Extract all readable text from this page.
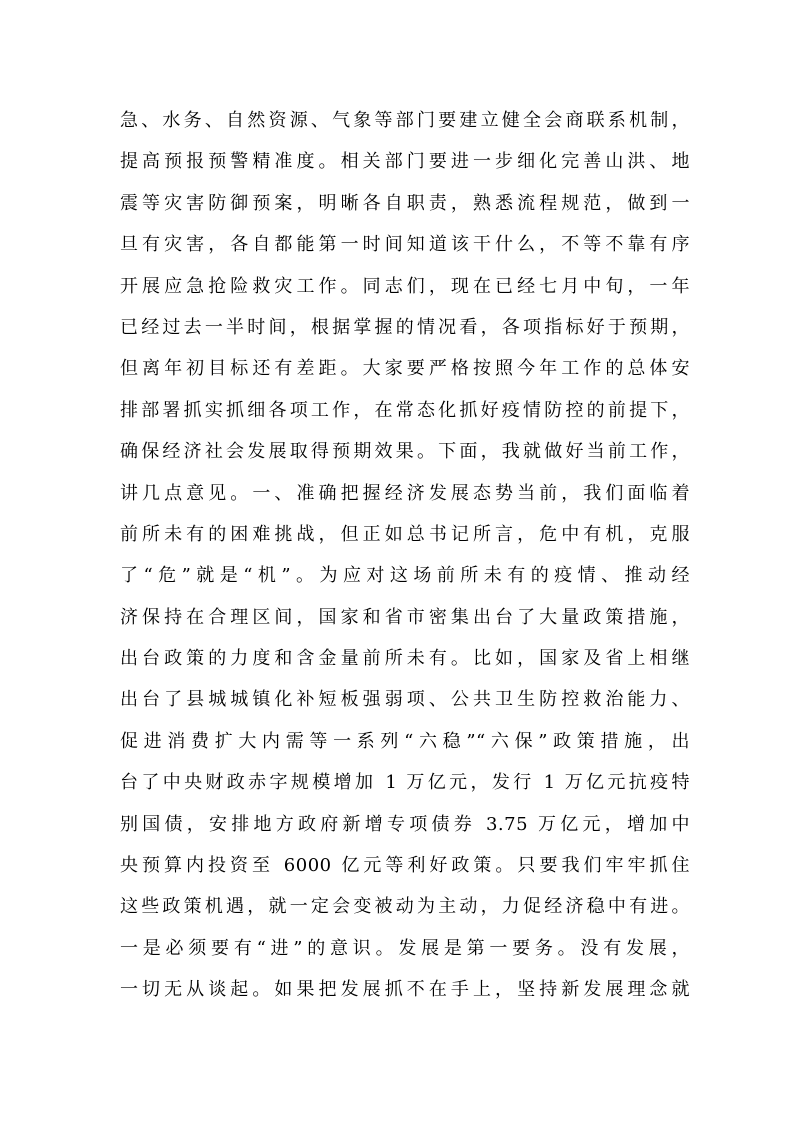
急、水务、自然资源、气象等部门要建立健全会商联系机制，
提高预报预警精准度。相关部门要进一步细化完善山洪、地
震等灾害防御预案，明晰各自职责，熟悉流程规范，做到一
旦有灾害，各自都能第一时间知道该干什么，不等不靠有序
开展应急抢险救灾工作。同志们，现在已经七月中旬，一年
已经过去一半时间，根据掌握的情况看，各项指标好于预期，
但离年初目标还有差距。大家要严格按照今年工作的总体安
排部署抓实抓细各项工作，在常态化抓好疫情防控的前提下，
确保经济社会发展取得预期效果。下面，我就做好当前工作，
讲几点意见。一、准确把握经济发展态势当前，我们面临着
前所未有的困难挑战，但正如总书记所言，危中有机，克服
了“危”就是“机”。为应对这场前所未有的疫情、推动经
济保持在合理区间，国家和省市密集出台了大量政策措施，
出台政策的力度和含金量前所未有。比如，国家及省上相继
出台了县城城镇化补短板强弱项、公共卫生防控救治能力、
促进消费扩大内需等一系列“六稳”“六保”政策措施，出
台了中央财政赤字规模增加 1 万亿元，发行 1 万亿元抗疫特
别国债，安排地方政府新增专项债券 3.75 万亿元，增加中
央预算内投资至 6000 亿元等利好政策。只要我们牢牢抓住
这些政策机遇，就一定会变被动为主动，力促经济稳中有进。
一是必须要有“进”的意识。发展是第一要务。没有发展，
一切无从谈起。如果把发展抓不在手上，坚持新发展理念就
